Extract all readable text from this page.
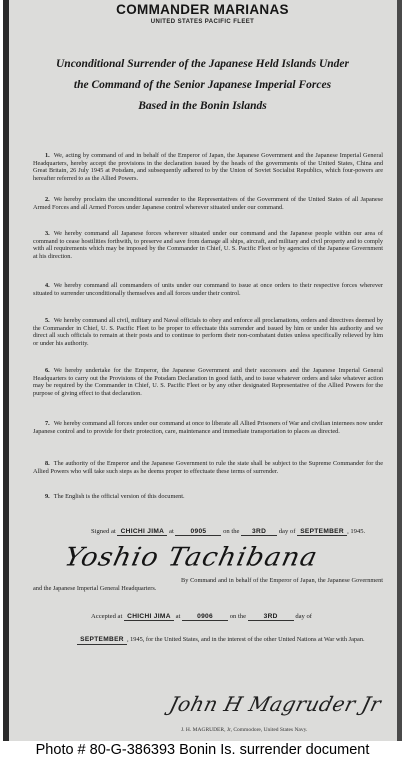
COMMANDER MARIANAS
UNITED STATES PACIFIC FLEET
Unconditional Surrender of the Japanese Held Islands Under
the Command of the Senior Japanese Imperial Forces
Based in the Bonin Islands
1. We, acting by command of and in behalf of the Emperor of Japan, the Japanese Government and the Japanese Imperial General Headquarters, hereby accept the provisions in the declaration issued by the heads of the governments of the United States, China and Great Britain, 26 July 1945 at Potsdam, and subsequently adhered to by the Union of Soviet Socialist Republics, which four-powers are hereafter referred to as the Allied Powers.
2. We hereby proclaim the unconditional surrender to the Representatives of the Government of the United States of all Japanese Armed Forces and all Armed Forces under Japanese control wherever situated under our command.
3. We hereby command all Japanese forces wherever situated under our command and the Japanese people within our area of command to cease hostilities forthwith, to preserve and save from damage all ships, aircraft, and military and civil property and to comply with all requirements which may be imposed by the Commander in Chief, U. S. Pacific Fleet or by agencies of the Japanese Government at his direction.
4. We hereby command all commanders of units under our command to issue at once orders to their respective forces wherever situated to surrender unconditionally themselves and all forces under their control.
5. We hereby command all civil, military and Naval officials to obey and enforce all proclamations, orders and directives deemed by the Commander in Chief, U. S. Pacific Fleet to be proper to effectuate this surrender and issued by him or under his authority and we direct all such officials to remain at their posts and to continue to perform their non-combatant duties unless specifically relieved by him or under his authority.
6. We hereby undertake for the Emperor, the Japanese Government and their successors and the Japanese Imperial General Headquarters to carry out the Provisions of the Potsdam Declaration in good faith, and to issue whatever orders and take whatever action may be required by the Commander in Chief, U. S. Pacific Fleet or by any other designated Representative of the Allied Powers for the purpose of giving effect to that declaration.
7. We hereby command all forces under our command at once to liberate all Allied Prisoners of War and civilian internees now under Japanese control and to provide for their protection, care, maintenance and immediate transportation to places as directed.
8. The authority of the Emperor and the Japanese Government to rule the state shall be subject to the Supreme Commander for the Allied Powers who will take such steps as he deems proper to effectuate these terms of surrender.
9. The English is the official version of this document.
Signed at CHICHI JIMA at	0905	on the 3RD day of SEPTEMBER , 1945.
Yoshio Tachibana
By Command and in behalf of the Emperor of Japan, the Japanese Government and the Japanese Imperial General Headquarters.
Accepted at CHICHI JIMA at	0906	on the	3RD	day of
SEPTEMBER , 1945, for the United States, and in the interest of the other United Nations at War with Japan.
John H Magruder Jr
J. H. MAGRUDER, Jr, Commodore, United States Navy.
Photo # 80-G-386393 Bonin Is. surrender document
